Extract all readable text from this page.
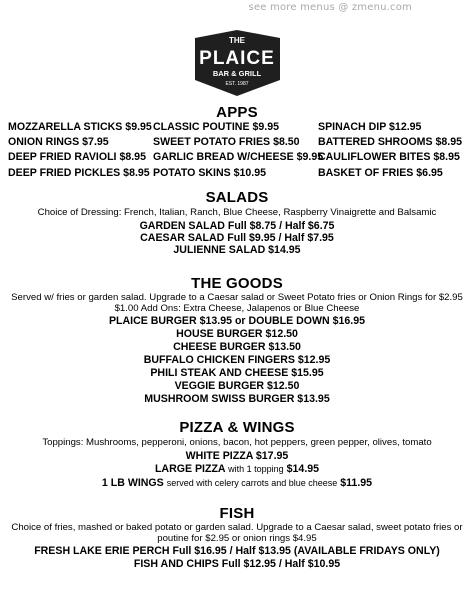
see more menus @ zmenu.com
THE
PLAICE
BAR & GRILL
EST. 1987
APPS
MOZZARELLA STICKS $9.95
ONION RINGS $7.95
DEEP FRIED RAVIOLI $8.95
DEEP FRIED PICKLES $8.95
CLASSIC POUTINE $9.95
SWEET POTATO FRIES $8.50
GARLIC BREAD W/CHEESE $9.95
POTATO SKINS $10.95
SPINACH DIP $12.95
BATTERED SHROOMS $8.95
CAULIFLOWER BITES $8.95
BASKET OF FRIES $6.95
SALADS
Choice of Dressing: French, Italian, Ranch, Blue Cheese, Raspberry Vinaigrette and Balsamic
GARDEN SALAD Full $8.75 / Half $6.75
CAESAR SALAD Full $9.95 / Half $7.95
JULIENNE SALAD $14.95
THE GOODS
Served w/ fries or garden salad. Upgrade to a Caesar salad or Sweet Potato fries or Onion Rings for $2.95
$1.00 Add Ons: Extra Cheese, Jalapenos or Blue Cheese
PLAICE BURGER $13.95 or DOUBLE DOWN $16.95
HOUSE BURGER $12.50
CHEESE BURGER $13.50
BUFFALO CHICKEN FINGERS $12.95
PHILI STEAK AND CHEESE $15.95
VEGGIE BURGER $12.50
MUSHROOM SWISS BURGER $13.95
PIZZA & WINGS
Toppings: Mushrooms, pepperoni, onions, bacon, hot peppers, green pepper, olives, tomato
WHITE PIZZA $17.95
LARGE PIZZA with 1 topping $14.95
1 LB WINGS served with celery carrots and blue cheese $11.95
FISH
Choice of fries, mashed or baked potato or garden salad. Upgrade to a Caesar salad, sweet potato fries or
poutine for $2.95 or onion rings $4.95
FRESH LAKE ERIE PERCH Full $16.95 / Half $13.95 (AVAILABLE FRIDAYS ONLY)
FISH AND CHIPS Full $12.95 / Half $10.95
